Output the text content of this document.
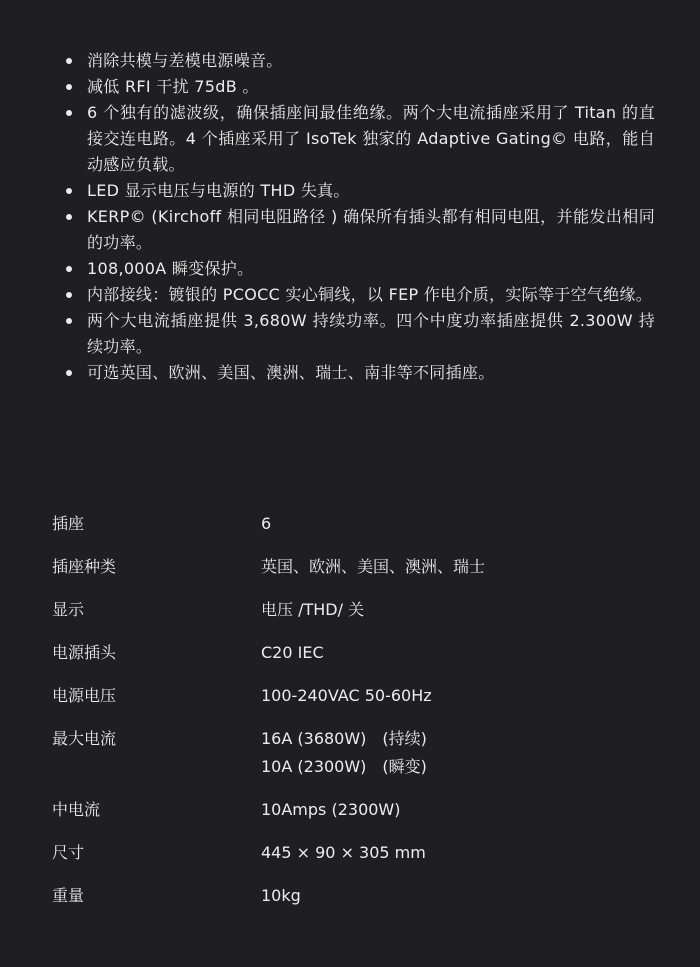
消除共模与差模电源噪音。
减低 RFI 干扰 75dB 。
6 个独有的滤波级，确保插座间最佳绝缘。两个大电流插座采用了 Titan 的直接交连电路。4 个插座采用了 IsoTek 独家的 Adaptive Gating© 电路，能自动感应负载。
LED 显示电压与电源的 THD 失真。
KERP© (Kirchoff 相同电阻路径 ) 确保所有插头都有相同电阻，并能发出相同的功率。
108,000A 瞬变保护。
内部接线：镀银的 PCOCC 实心铜线，以 FEP 作电介质，实际等于空气绝缘。
两个大电流插座提供 3,680W 持续功率。四个中度功率插座提供 2.300W 持续功率。
可选英国、欧洲、美国、澳洲、瑞士、南非等不同插座。
插座	6
插座种类	英国、欧洲、美国、澳洲、瑞士
显示	电压 /THD/ 关
电源插头	C20 IEC
电源电压	100-240VAC 50-60Hz
最大电流	16A (3680W)　(持续)
10A (2300W)　(瞬变)
中电流	10Amps (2300W)
尺寸	445 × 90 × 305 mm
重量	10kg
